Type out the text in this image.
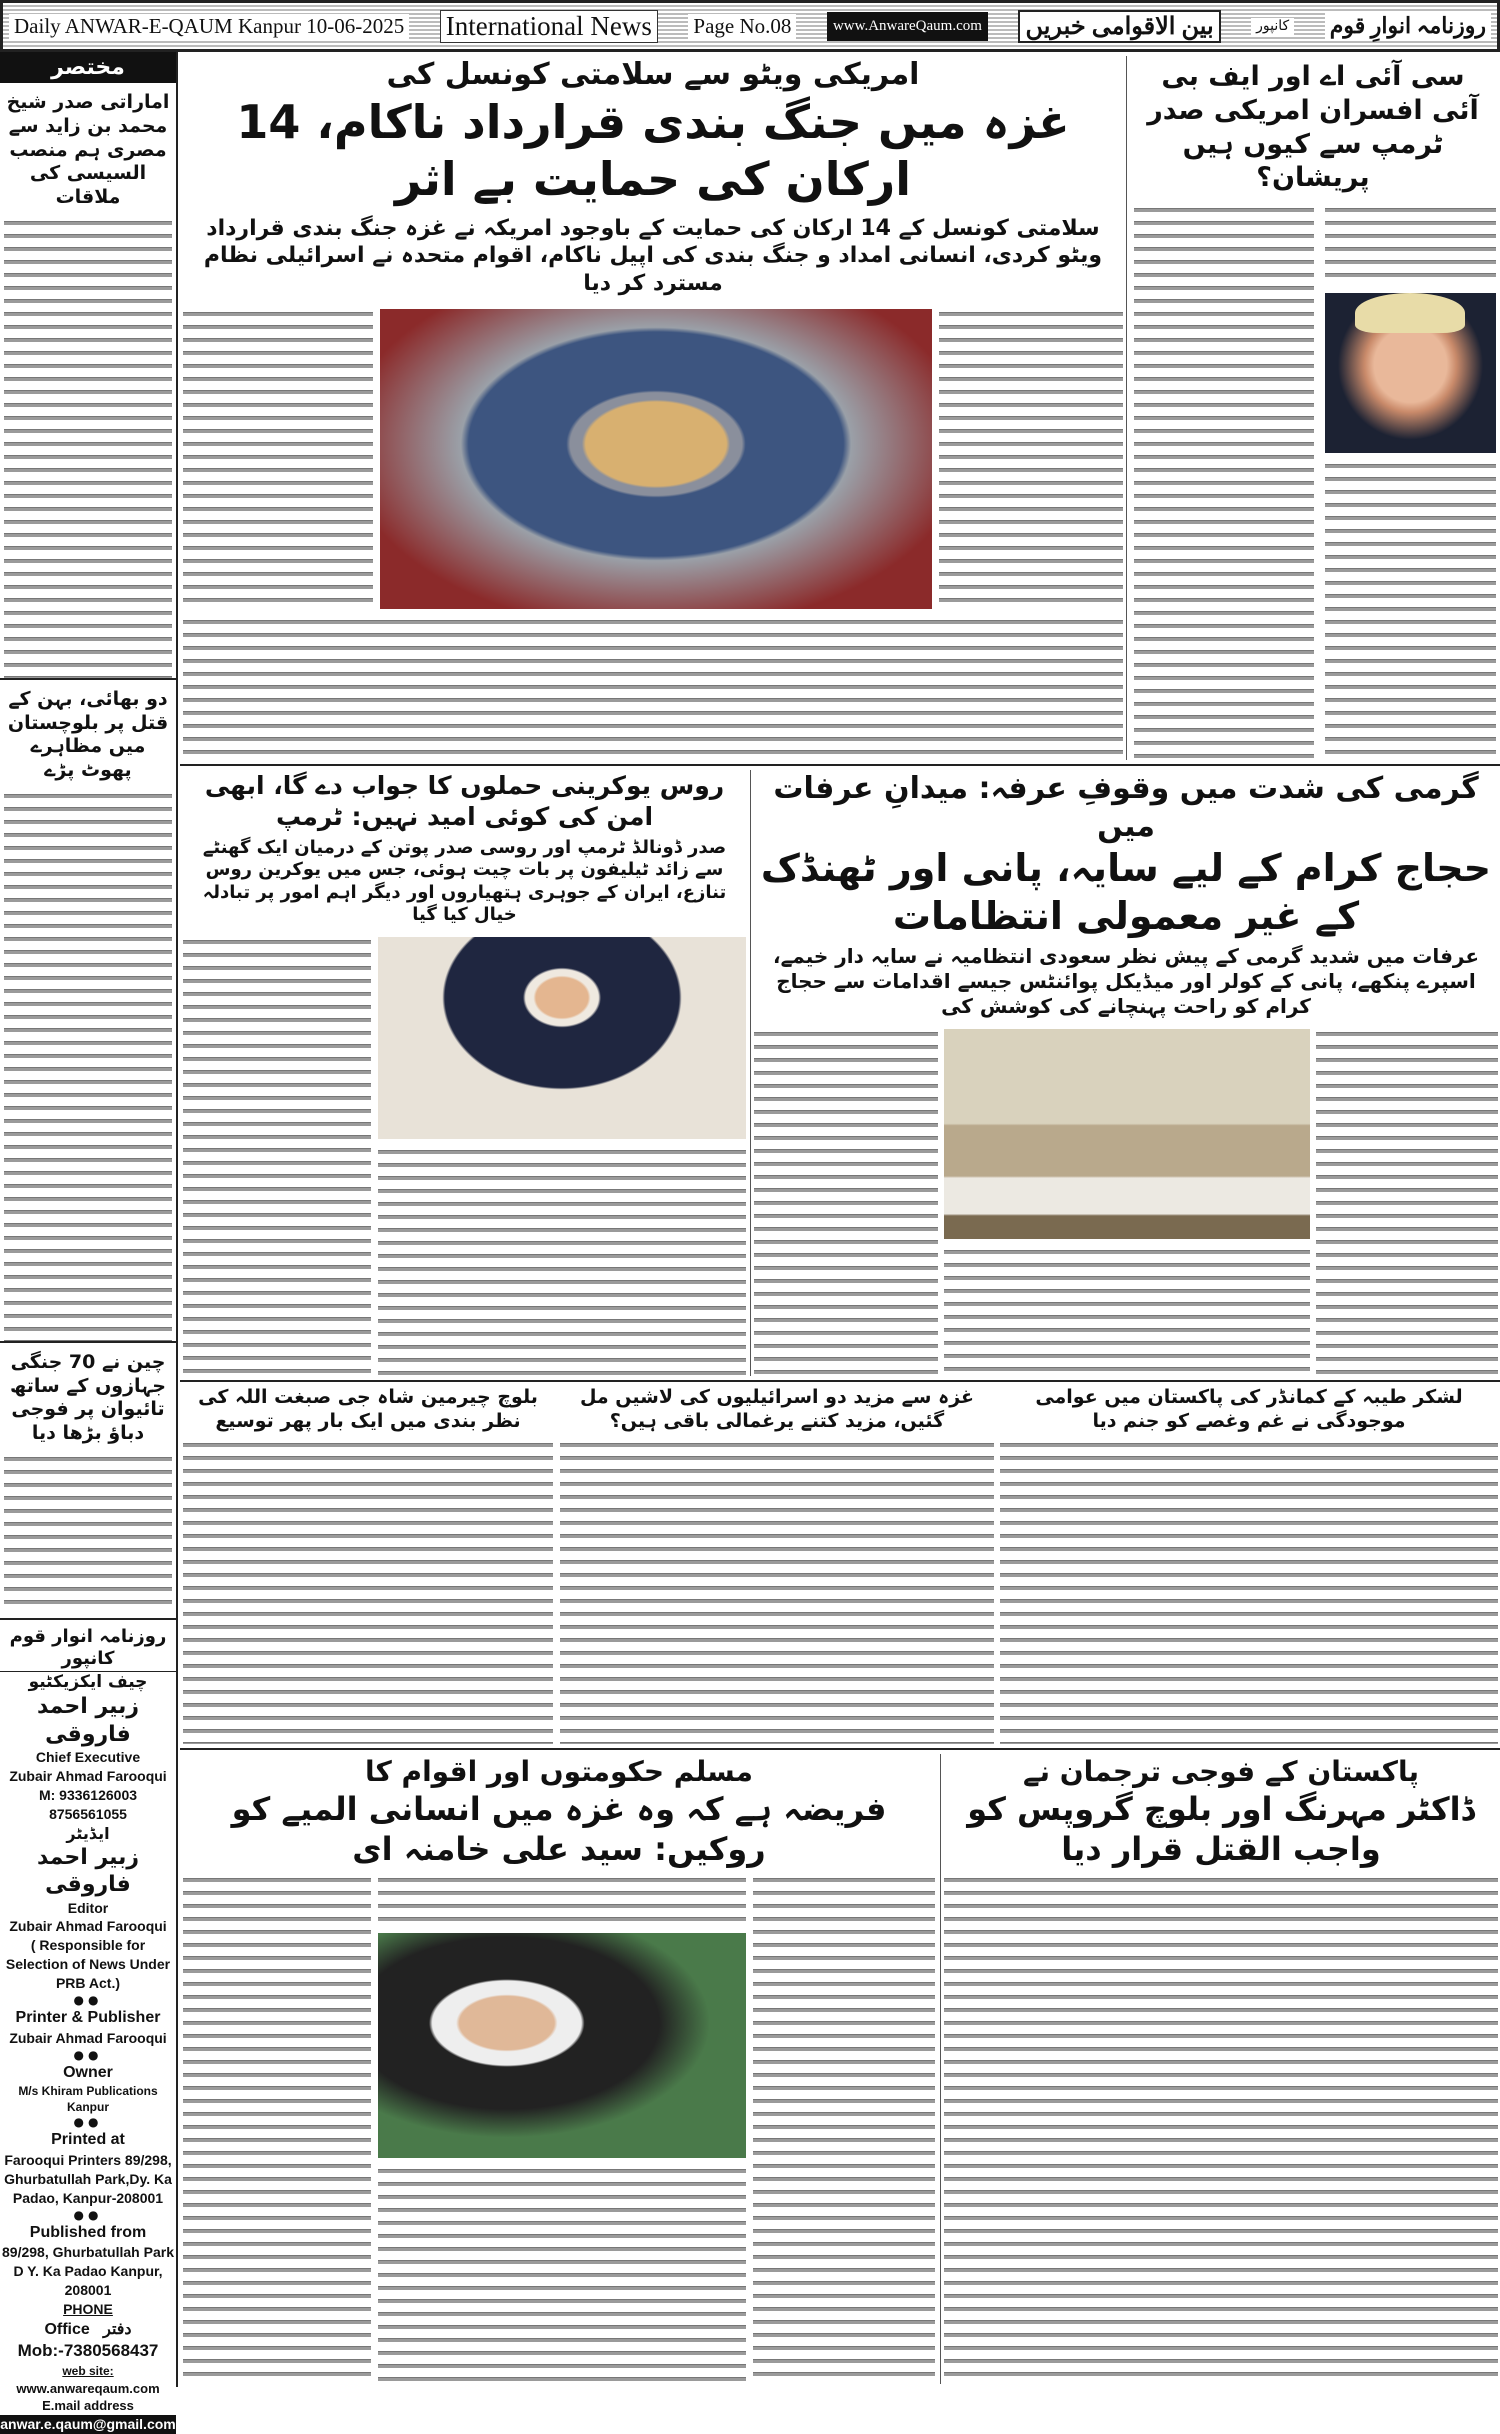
Daily ANWAR-E-QAUM Kanpur 10-06-2025 International News Page No.08	www.AnwareQaum.com بین الاقوامی خبریں	کانپور روزنامہ انوارِ قوم
مختصر
اماراتی صدر شیخ محمد بن زاید سے مصری ہم منصب السیسی کی ملاقات
دو بھائی، بہن کے قتل پر بلوچستان میں مظاہرے پھوٹ پڑے
چین نے 70 جنگی جہازوں کے ساتھ تائیوان پر فوجی دباؤ بڑھا دیا
روزنامہ انوار قوم کانپور
چیف ایکزیکٹیو
زبیر احمد فاروقی

Chief Executive

Zubair Ahmad Farooqui

M: 9336126003

8756561055

ایڈیٹر
زبیر احمد فاروقی

Editor

Zubair Ahmad Farooqui

( Responsible for Selection of News Under PRB Act.)

●●

Printer & Publisher

Zubair Ahmad Farooqui

●●

Owner

M/s Khiram Publications

Kanpur

●●

Printed at

Farooqui Printers 89/298, Ghurbatullah Park,Dy. Ka Padao, Kanpur-208001

●●

Published from

89/298, Ghurbatullah Park D Y. Ka Padao Kanpur, 208001

PHONE

Office دفتر

Mob:-7380568437

web site:

www.anwareqaum.com

E.mail address

anwar.e.qaum@gmail.com

سی آئی اے اور ایف بی آئی افسران امریکی صدر ٹرمپ سے کیوں ہیں پریشان؟
امریکی ویٹو سے سلامتی کونسل کی
غزہ میں جنگ بندی قرارداد ناکام، 14 ارکان کی حمایت بے اثر
سلامتی کونسل کے 14 ارکان کی حمایت کے باوجود امریکہ نے غزہ جنگ بندی قرارداد ویٹو کردی، انسانی امداد و جنگ بندی کی اپیل ناکام، اقوام متحدہ نے اسرائیلی نظام مسترد کر دیا
گرمی کی شدت میں وقوفِ عرفہ: میدانِ عرفات میں
حجاج کرام کے لیے سایہ، پانی اور ٹھنڈک کے غیر معمولی انتظامات
عرفات میں شدید گرمی کے پیش نظر سعودی انتظامیہ نے سایہ دار خیمے، اسپرے پنکھے، پانی کے کولر اور میڈیکل پوائنٹس جیسے اقدامات سے حجاج کرام کو راحت پہنچانے کی کوشش کی
روس یوکرینی حملوں کا جواب دے گا، ابھی امن کی کوئی امید نہیں: ٹرمپ
صدر ڈونالڈ ٹرمپ اور روسی صدر پوتن کے درمیان ایک گھنٹے سے زائد ٹیلیفون پر بات چیت ہوئی، جس میں یوکرین روس تنازع، ایران کے جوہری ہتھیاروں اور دیگر اہم امور پر تبادلہ خیال کیا گیا
لشکر طیبہ کے کمانڈر کی پاکستان میں عوامی موجودگی نے غم وغصے کو جنم دیا
غزہ سے مزید دو اسرائیلیوں کی لاشیں مل گئیں، مزید کتنے یرغمالی باقی ہیں؟
بلوچ چیرمین شاہ جی صبغت اللہ کی نظر بندی میں ایک بار پھر توسیع
پاکستان کے فوجی ترجمان نے
ڈاکٹر مہرنگ اور بلوچ گروپس کو واجب القتل قرار دیا
مسلم حکومتوں اور اقوام کا
فریضہ ہے کہ وہ غزہ میں انسانی المیے کو روکیں: سید علی خامنہ ای
